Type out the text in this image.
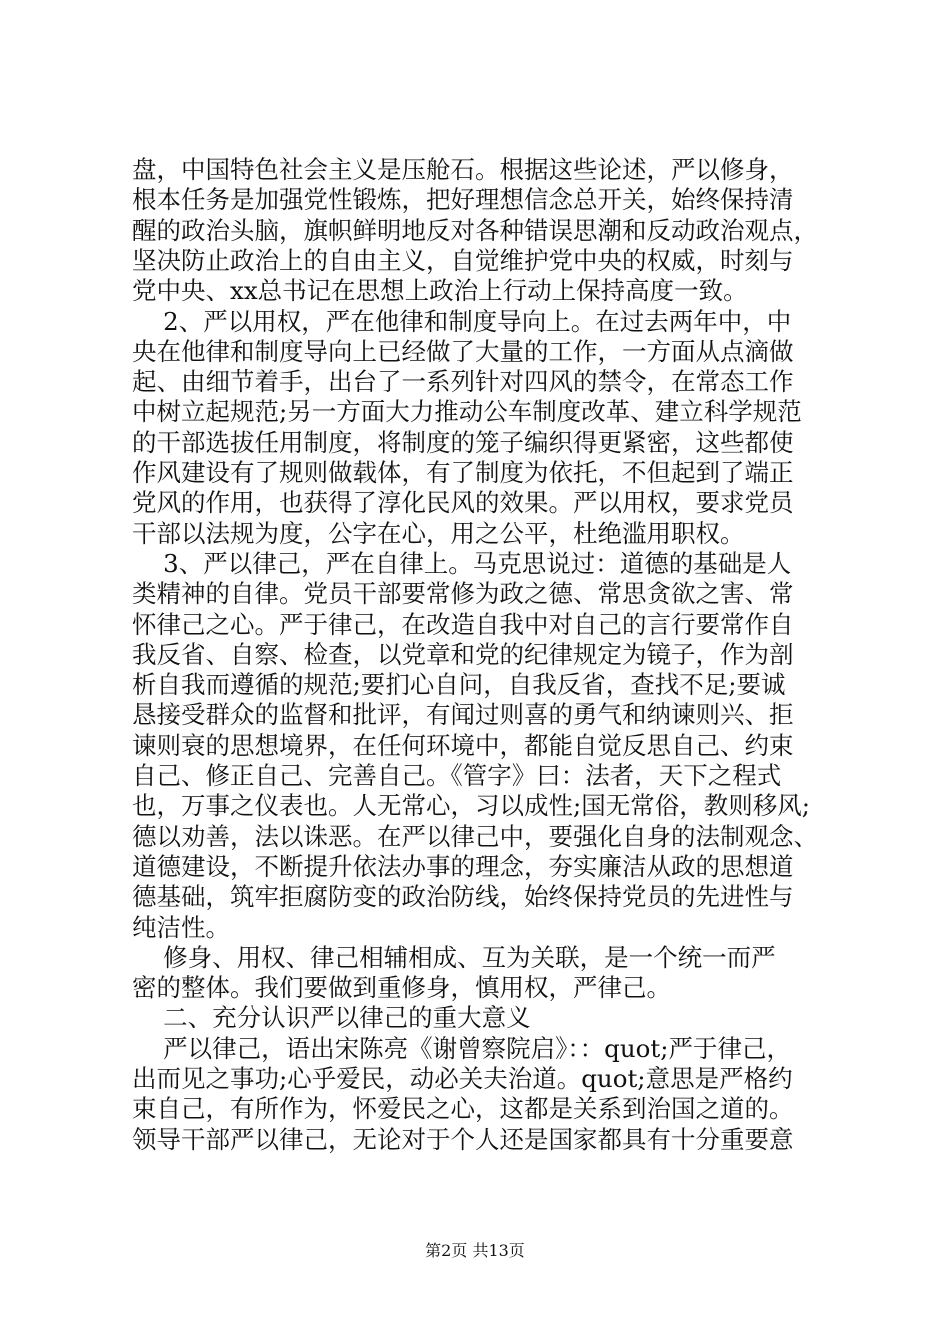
盘，中国特色社会主义是压舱石。根据这些论述，严以修身，
根本任务是加强党性锻炼，把好理想信念总开关，始终保持清
醒的政治头脑，旗帜鲜明地反对各种错误思潮和反动政治观点，
坚决防止政治上的自由主义，自觉维护党中央的权威，时刻与
党中央、xx总书记在思想上政治上行动上保持高度一致。
2、严以用权，严在他律和制度导向上。在过去两年中，中
央在他律和制度导向上已经做了大量的工作，一方面从点滴做
起、由细节着手，出台了一系列针对四风的禁令，在常态工作
中树立起规范;另一方面大力推动公车制度改革、建立科学规范
的干部选拔任用制度，将制度的笼子编织得更紧密，这些都使
作风建设有了规则做载体，有了制度为依托，不但起到了端正
党风的作用，也获得了淳化民风的效果。严以用权，要求党员
干部以法规为度，公字在心，用之公平，杜绝滥用职权。
3、严以律己，严在自律上。马克思说过：道德的基础是人
类精神的自律。党员干部要常修为政之德、常思贪欲之害、常
怀律己之心。严于律己，在改造自我中对自己的言行要常作自
我反省、自察、检查，以党章和党的纪律规定为镜子，作为剖
析自我而遵循的规范;要扪心自问，自我反省，查找不足;要诚
恳接受群众的监督和批评，有闻过则喜的勇气和纳谏则兴、拒
谏则衰的思想境界，在任何环境中，都能自觉反思自己、约束
自己、修正自己、完善自己。《管字》曰：法者，天下之程式
也，万事之仪表也。人无常心，习以成性;国无常俗，教则移风;
德以劝善，法以诛恶。在严以律己中，要强化自身的法制观念、
道德建设，不断提升依法办事的理念，夯实廉洁从政的思想道
德基础，筑牢拒腐防变的政治防线，始终保持党员的先进性与
纯洁性。
修身、用权、律己相辅相成、互为关联，是一个统一而严
密的整体。我们要做到重修身，慎用权，严律己。
二、充分认识严以律己的重大意义
严以律己，语出宋陈亮《谢曾察院启》：：quot;严于律己，
出而见之事功;心乎爱民，动必关夫治道。quot;意思是严格约
束自己，有所作为，怀爱民之心，这都是关系到治国之道的。
领导干部严以律己，无论对于个人还是国家都具有十分重要意
第2页 共13页
